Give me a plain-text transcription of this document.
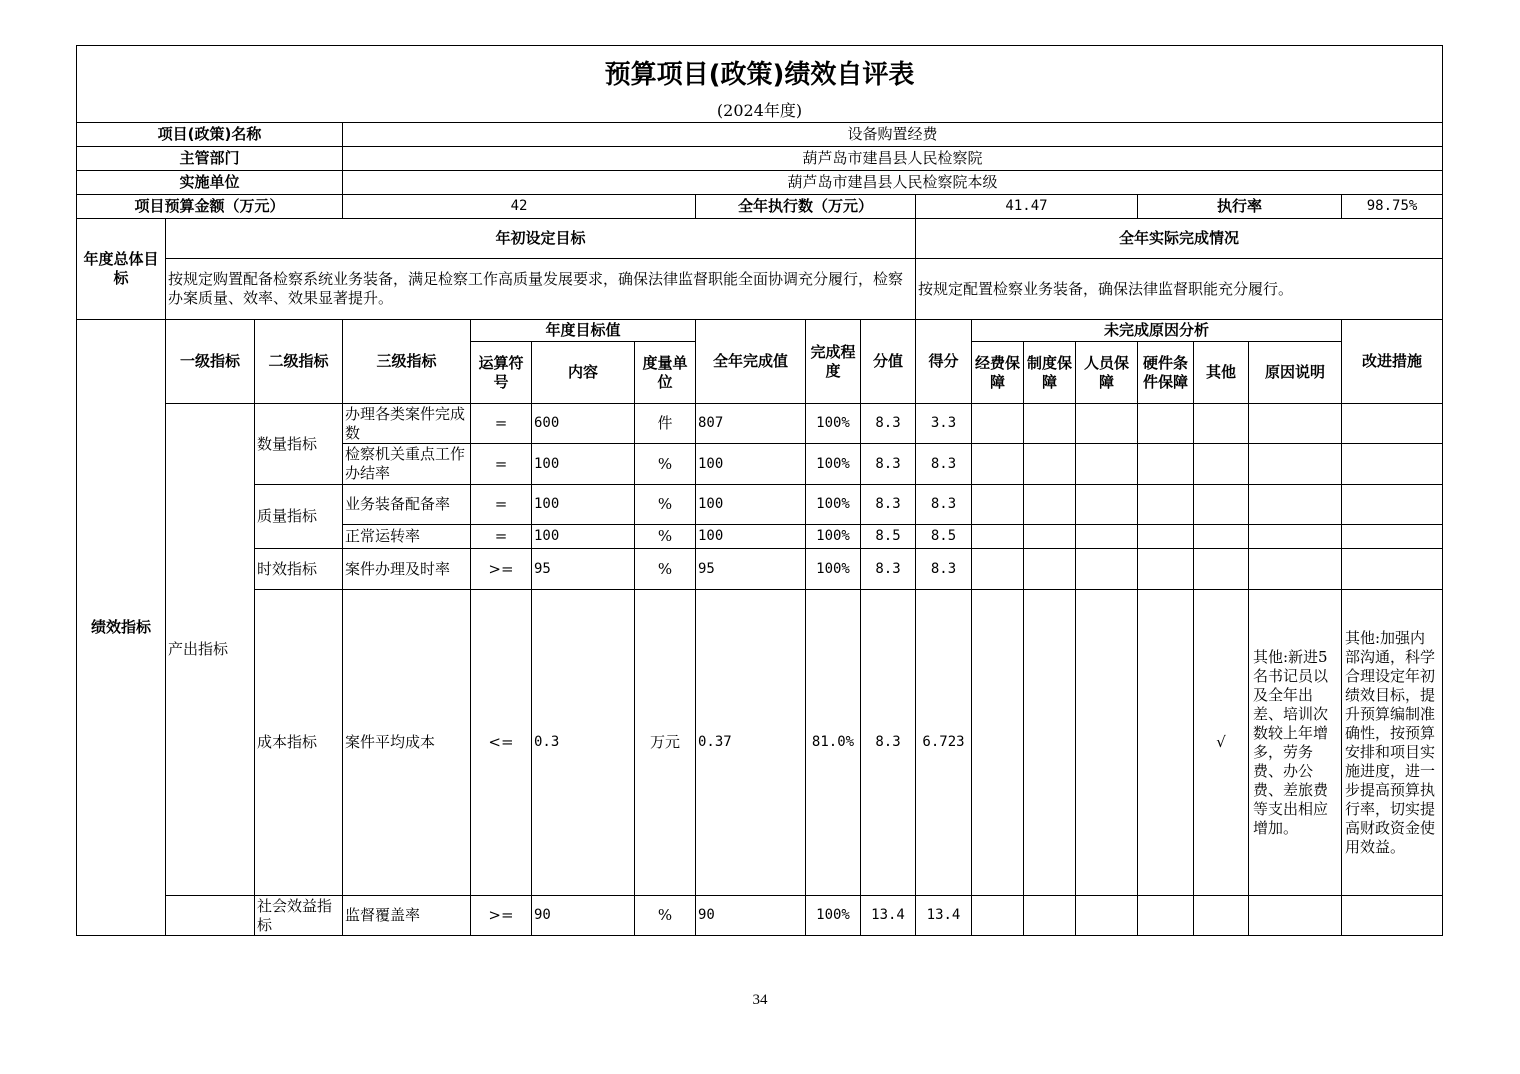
预算项目(政策)绩效自评表																	
(2024年度)																	
项目(政策)名称			设备购置经费														
主管部门			葫芦岛市建昌县人民检察院														
实施单位			葫芦岛市建昌县人民检察院本级														
项目预算金额（万元）			42				全年执行数（万元）			41.47				执行率			98.75%
年度总体目标	年初设定目标									全年实际完成情况							
	按规定购置配备检察系统业务装备，满足检察工作高质量发展要求，确保法律监督职能全面协调充分履行，检察办案质量、效率、效果显著提升。									按规定配置检察业务装备，确保法律监督职能充分履行。							
绩效指标	一级指标	二级指标	三级指标	年度目标值			全年完成值	完成程度	分值	得分	未完成原因分析						改进措施
				运算符号	内容	度量单位					经费保障	制度保障	人员保障	硬件条件保障	其他	原因说明	
	产出指标	数量指标	办理各类案件完成数	=	600	件	807	100%	8.3	3.3							
			检察机关重点工作办结率	=	100	%	100	100%	8.3	8.3							
		质量指标	业务装备配备率	=	100	%	100	100%	8.3	8.3							
			正常运转率	=	100	%	100	100%	8.5	8.5							
		时效指标	案件办理及时率	>=	95	%	95	100%	8.3	8.3							
		成本指标	案件平均成本	<=	0.3	万元	0.37	81.0%	8.3	6.723					√	其他:新进5名书记员以及全年出差、培训次数较上年增多，劳务费、办公费、差旅费等支出相应增加。	其他:加强内部沟通，科学合理设定年初绩效目标，提升预算编制准确性，按预算安排和项目实施进度，进一步提高预算执行率，切实提高财政资金使用效益。
		社会效益指标	监督覆盖率	>=	90	%	90	100%	13.4	13.4							
34
